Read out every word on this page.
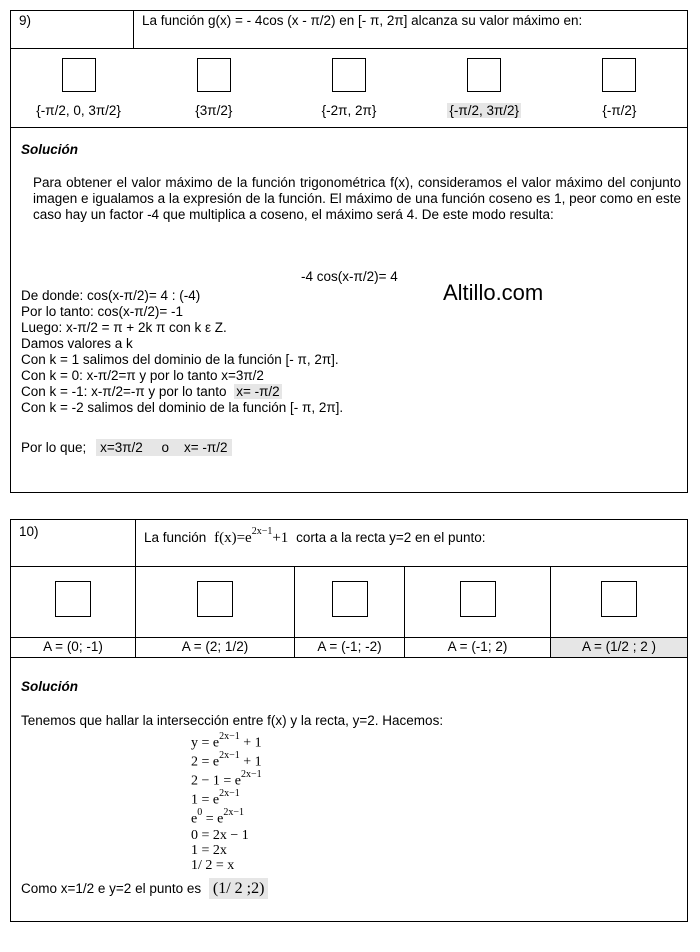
9)	La función g(x) = - 4cos (x - π/2) en [- π, 2π] alcanza su valor máximo en:
{-π/2, 0, 3π/2}	{3π/2}	{-2π, 2π}	{-π/2, 3π/2}	{-π/2}
Solución
Para obtener el valor máximo de la función trigonométrica f(x), consideramos el valor máximo del conjunto imagen e igualamos a la expresión de la función. El máximo de una función coseno es 1, peor como en este caso hay un factor -4 que multiplica a coseno, el máximo será 4. De este modo resulta:
-4 cos(x-π/2)= 4
De donde: cos(x-π/2)= 4 : (-4)
Por lo tanto: cos(x-π/2)= -1
Luego: x-π/2 = π + 2k π con k ε Z.
Damos valores a k
Con k = 1 salimos del dominio de la función [- π, 2π].
Con k = 0: x-π/2=π y por lo tanto x=3π/2
Con k = -1: x-π/2=-π y por lo tanto x= -π/2
Con k = -2 salimos del dominio de la función [- π, 2π].
Por lo que; x=3π/2     o    x= -π/2
Altillo.com
10)	La función $f(x)=e^{2x-1}+1$ corta a la recta y=2 en el punto:
A = (0; -1)	A = (2; 1/2)	A = (-1; -2)	A = (-1; 2)	A = (1/2 ; 2 )
Solución
Tenemos que hallar la intersección entre f(x) y la recta, y=2. Hacemos:
$y = e^{2x-1} + 1$
$2 = e^{2x-1} + 1$
$2 - 1 = e^{2x-1}$
$1 = e^{2x-1}$
$e^0 = e^{2x-1}$
0 = 2x − 1
1 = 2x
1/ 2 = x
Como x=1/2 e y=2 el punto es (1/ 2 ;2)
